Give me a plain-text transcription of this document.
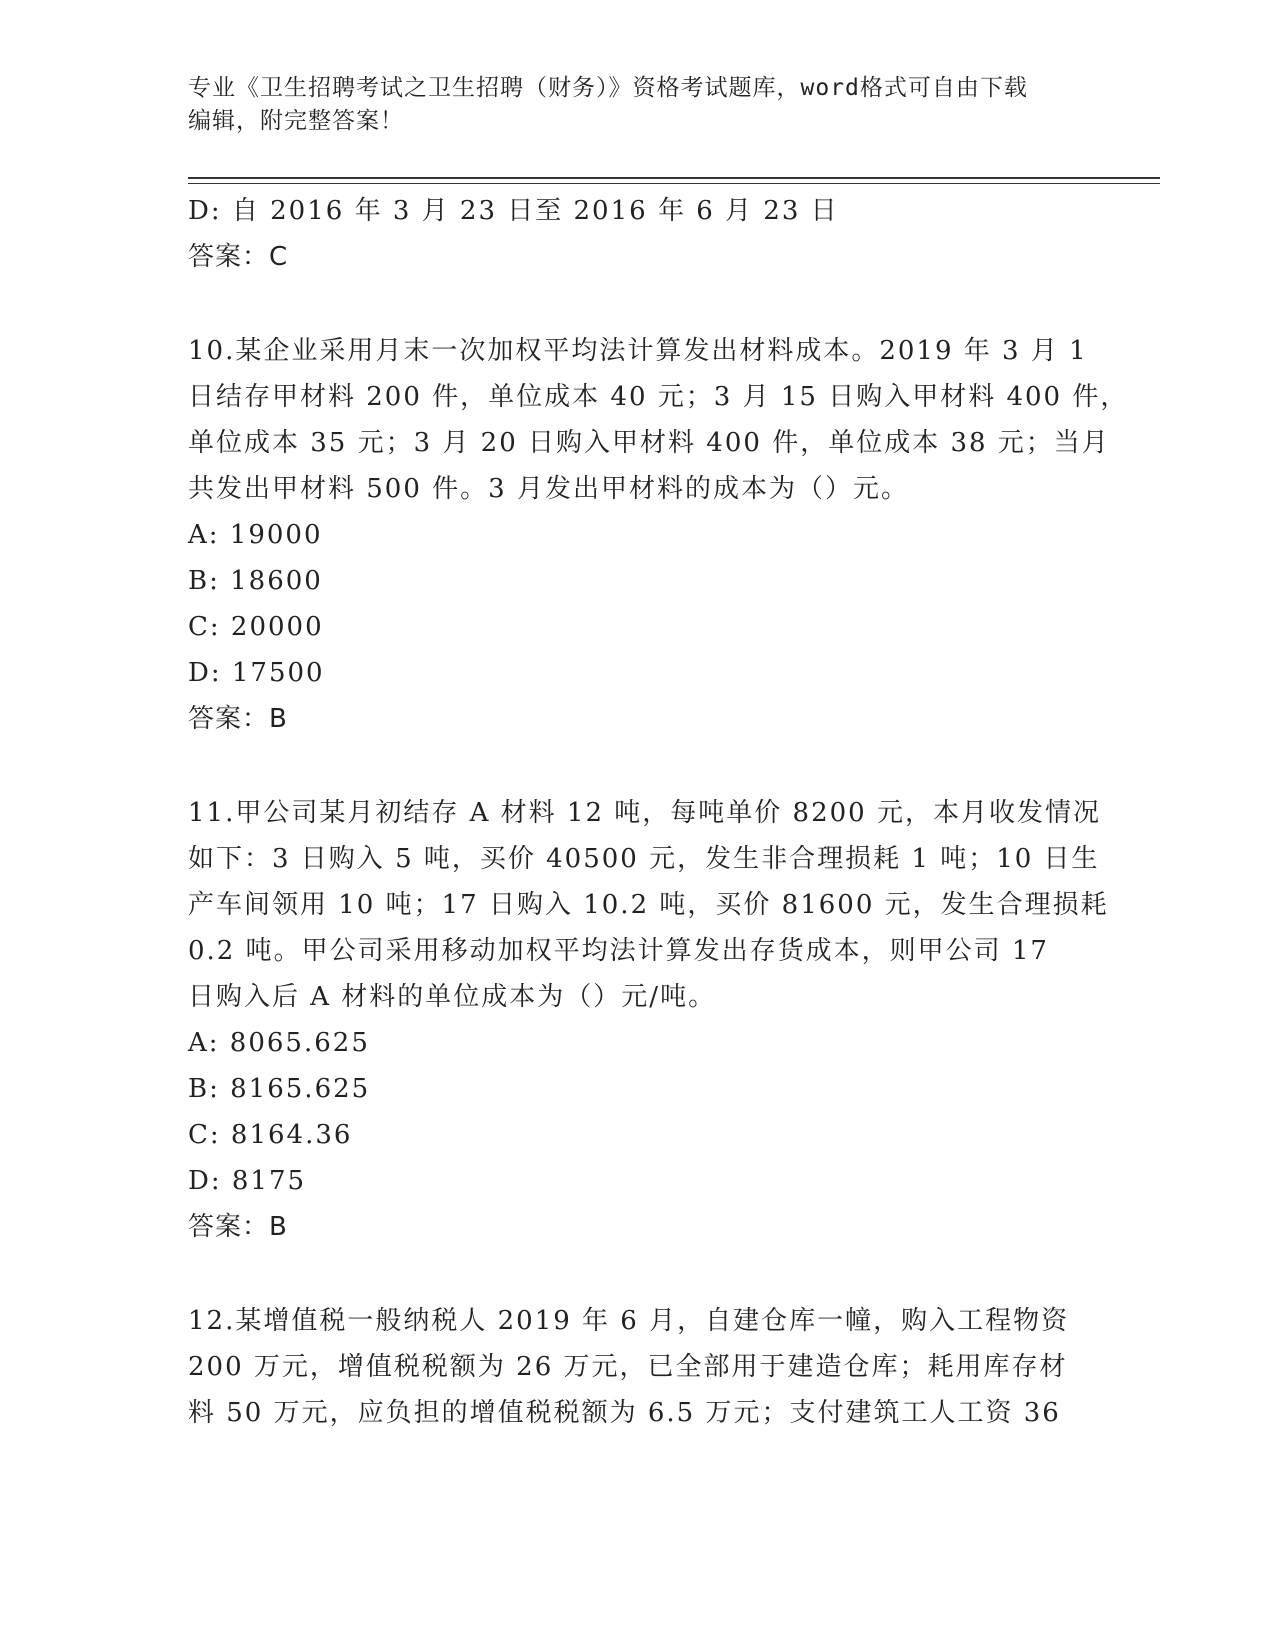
专业《卫生招聘考试之卫生招聘（财务）》资格考试题库，word格式可自由下载
编辑，附完整答案！
D: 自 2016 年 3 月 23 日至 2016 年 6 月 23 日
答案：C
10.某企业采用月末一次加权平均法计算发出材料成本。2019 年 3 月 1
日结存甲材料 200 件，单位成本 40 元；3 月 15 日购入甲材料 400 件，
单位成本 35 元；3 月 20 日购入甲材料 400 件，单位成本 38 元；当月
共发出甲材料 500 件。3 月发出甲材料的成本为（）元。
A: 19000
B: 18600
C: 20000
D: 17500
答案：B
11.甲公司某月初结存 A 材料 12 吨，每吨单价 8200 元，本月收发情况
如下：3 日购入 5 吨，买价 40500 元，发生非合理损耗 1 吨；10 日生
产车间领用 10 吨；17 日购入 10.2 吨，买价 81600 元，发生合理损耗
0.2 吨。甲公司采用移动加权平均法计算发出存货成本，则甲公司 17
日购入后 A 材料的单位成本为（）元/吨。
A: 8065.625
B: 8165.625
C: 8164.36
D: 8175
答案：B
12.某增值税一般纳税人 2019 年 6 月，自建仓库一幢，购入工程物资
200 万元，增值税税额为 26 万元，已全部用于建造仓库；耗用库存材
料 50 万元，应负担的增值税税额为 6.5 万元；支付建筑工人工资 36
